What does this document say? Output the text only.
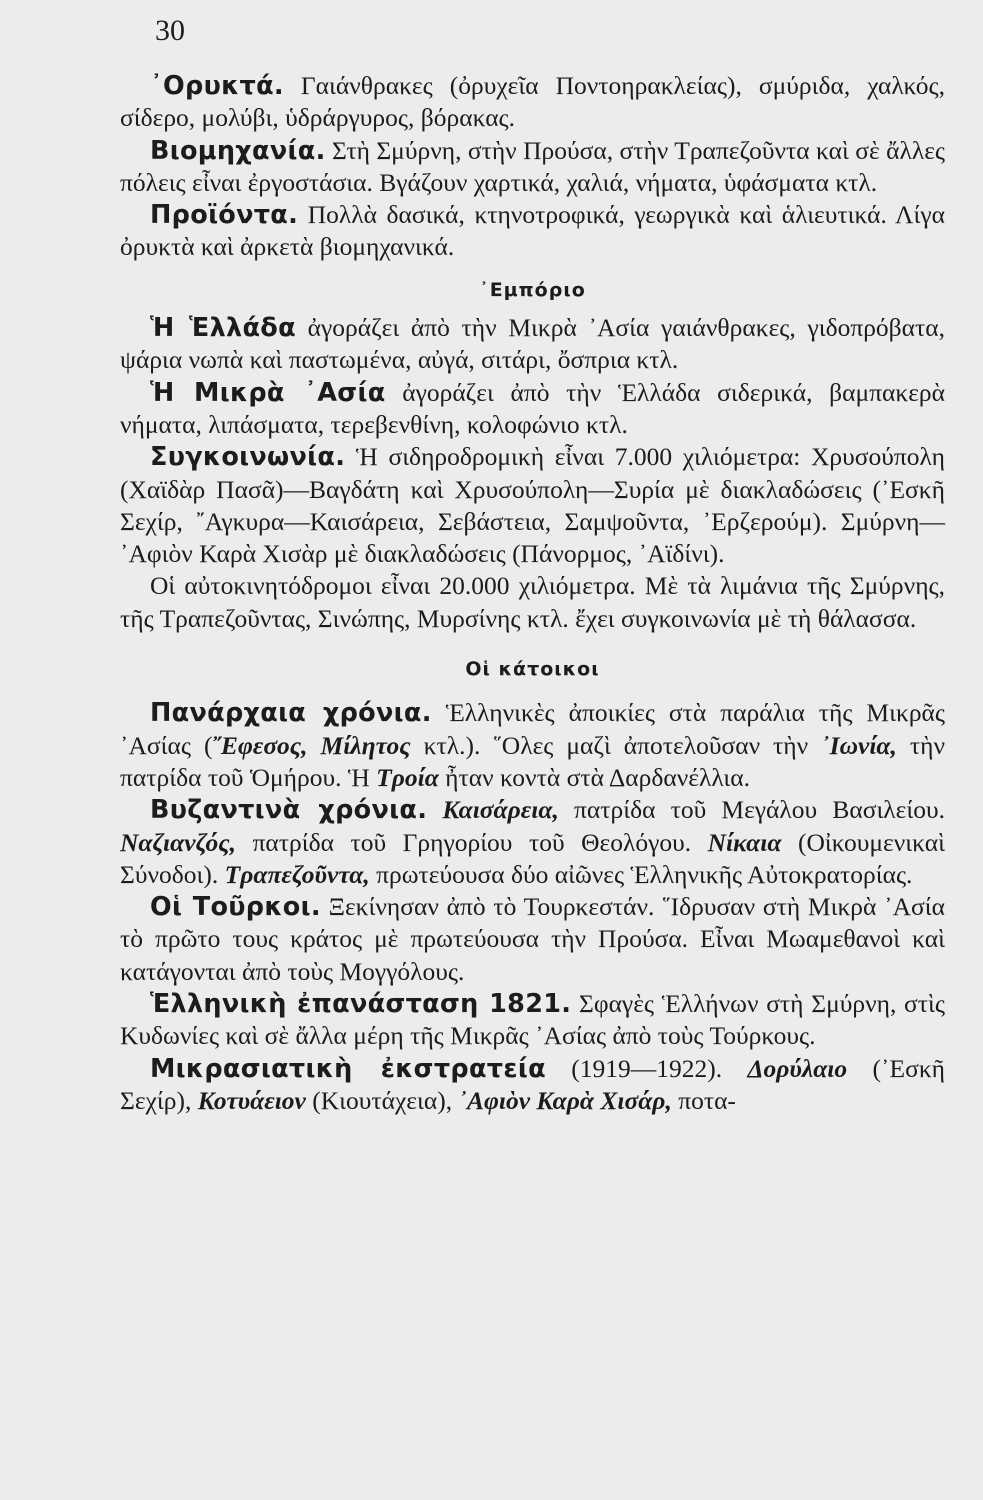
30

᾿Ορυκτά. Γαιάνθρακες (ὀρυχεῖα Ποντοηρακλείας), σμύριδα, χαλκός, σίδερο, μολύβι, ὑδράργυρος, βόρακας.

Βιομηχανία. Στὴ Σμύρνη, στὴν Προύσα, στὴν Τραπεζοῦντα καὶ σὲ ἄλλες πόλεις εἶναι ἐργοστάσια. Βγάζουν χαρτικά, χαλιά, νήματα, ὑφάσματα κτλ.

Προϊόντα. Πολλὰ δασικά, κτηνοτροφικά, γεωργικὰ καὶ ἁλιευτικά. Λίγα ὀρυκτὰ καὶ ἀρκετὰ βιομηχανικά.

᾿Εμπόριο

Ἡ Ἑλλάδα ἀγοράζει ἀπὸ τὴν Μικρὰ ᾿Ασία γαιάνθρακες, γιδοπρόβατα, ψάρια νωπὰ καὶ παστωμένα, αὐγά, σιτάρι, ὄσπρια κτλ.

Ἡ Μικρὰ ᾿Ασία ἀγοράζει ἀπὸ τὴν Ἑλλάδα σιδερικά, βαμπακερὰ νήματα, λιπάσματα, τερεβενθίνη, κολοφώνιο κτλ.

Συγκοινωνία. Ἡ σιδηροδρομικὴ εἶναι 7.000 χιλιόμετρα: Χρυσούπολη (Χαϊδὰρ Πασᾶ)—Βαγδάτη καὶ Χρυσούπολη—Συρία μὲ διακλαδώσεις (᾿Εσκῆ Σεχίρ, ῎Αγκυρα—Καισάρεια, Σεβάστεια, Σαμψοῦντα, ᾿Ερζερούμ). Σμύρνη—᾿Αφιὸν Καρὰ Χισὰρ μὲ διακλαδώσεις (Πάνορμος, ᾿Αϊδίνι).

Οἱ αὐτοκινητόδρομοι εἶναι 20.000 χιλιόμετρα. Μὲ τὰ λιμάνια τῆς Σμύρνης, τῆς Τραπεζοῦντας, Σινώπης, Μυρσίνης κτλ. ἔχει συγκοινωνία μὲ τὴ θάλασσα.

Οἱ κάτοικοι

Πανάρχαια χρόνια. Ἑλληνικὲς ἀποικίες στὰ παράλια τῆς Μικρᾶς ᾿Ασίας (῎Εφεσος, Μίλητος κτλ.). ῞Ολες μαζὶ ἀποτελοῦσαν τὴν ᾿Ιωνία, τὴν πατρίδα τοῦ Ὁμήρου. Ἡ Τροία ἦταν κοντὰ στὰ Δαρδανέλλια.

Βυζαντινὰ χρόνια. Καισάρεια, πατρίδα τοῦ Μεγάλου Βασιλείου. Ναζιανζός, πατρίδα τοῦ Γρηγορίου τοῦ Θεολόγου. Νίκαια (Οἰκουμενικαὶ Σύνοδοι). Τραπεζοῦντα, πρωτεύουσα δύο αἰῶνες Ἑλληνικῆς Αὐτοκρατορίας.

Οἱ Τοῦρκοι. Ξεκίνησαν ἀπὸ τὸ Τουρκεστάν. ῞Ιδρυσαν στὴ Μικρὰ ᾿Ασία τὸ πρῶτο τους κράτος μὲ πρωτεύουσα τὴν Προύσα. Εἶναι Μωαμεθανοὶ καὶ κατάγονται ἀπὸ τοὺς Μογγόλους.

Ἑλληνικὴ ἐπανάσταση 1821. Σφαγὲς Ἑλλήνων στὴ Σμύρνη, στὶς Κυδωνίες καὶ σὲ ἄλλα μέρη τῆς Μικρᾶς ᾿Ασίας ἀπὸ τοὺς Τούρκους.

Μικρασιατικὴ ἐκστρατεία (1919—1922). Δορύλαιο (᾿Εσκῆ Σεχίρ), Κοτυάειον (Κιουτάχεια), ᾿Αφιὸν Καρὰ Χισάρ, ποτα-
